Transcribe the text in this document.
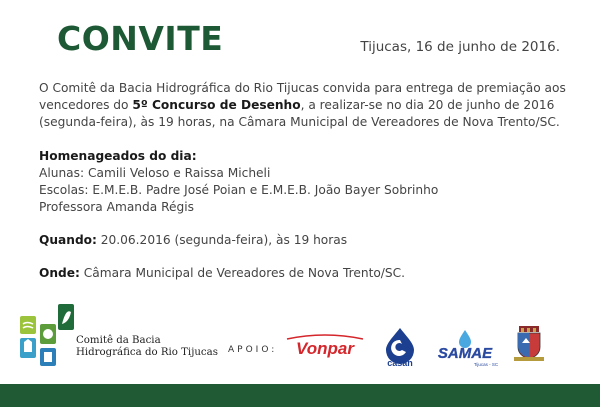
CONVITE	Tijucas, 16 de junho de 2016.

O Comitê da Bacia Hidrográfica do Rio Tijucas convida para entrega de premiação aos vencedores do 5º Concurso de Desenho, a realizar-se no dia 20 de junho de 2016 (segunda-feira), às 19 horas, na Câmara Municipal de Vereadores de Nova Trento/SC.

Homenageados do dia:

Alunas: Camili Veloso e Raissa Micheli

Escolas: E.M.E.B. Padre José Poian e E.M.E.B. João Bayer Sobrinho

Professora Amanda Régis

Quando: 20.06.2016 (segunda-feira), às 19 horas

Onde: Câmara Municipal de Vereadores de Nova Trento/SC.

Comitê da Bacia
Hidrográfica do Rio Tijucas APOIO: Vonpar
casan
SAMAE
Tijucas - SC
